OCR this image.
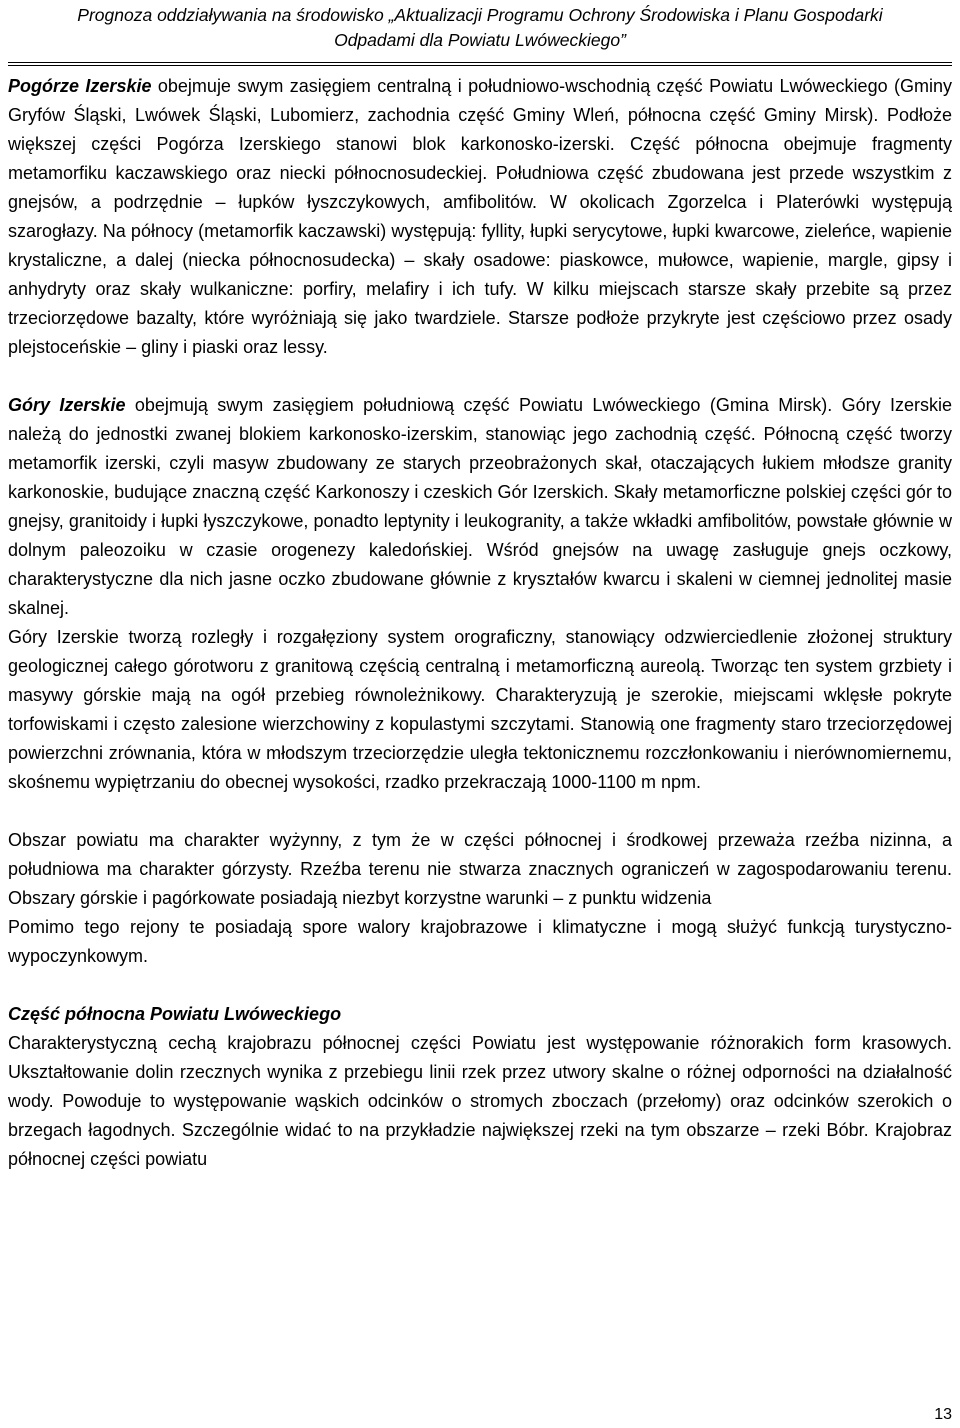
Prognoza oddziaływania na środowisko „Aktualizacji Programu Ochrony Środowiska i Planu Gospodarki
Odpadami dla Powiatu Lwóweckiego”

Pogórze Izerskie obejmuje swym zasięgiem centralną i południowo-wschodnią część Powiatu Lwóweckiego (Gminy Gryfów Śląski, Lwówek Śląski, Lubomierz, zachodnia część Gminy Wleń, północna część Gminy Mirsk). Podłoże większej części Pogórza Izerskiego stanowi blok karkonosko-izerski. Część północna obejmuje fragmenty metamorfiku kaczawskiego oraz niecki północnosudeckiej. Południowa część zbudowana jest przede wszystkim z gnejsów, a podrzędnie – łupków łyszczykowych, amfibolitów. W okolicach Zgorzelca i Platerówki występują szarogłazy. Na północy (metamorfik kaczawski) występują: fyllity, łupki serycytowe, łupki kwarcowe, zieleńce, wapienie krystaliczne, a dalej (niecka północnosudecka) – skały osadowe: piaskowce, mułowce, wapienie, margle, gipsy i anhydryty oraz skały wulkaniczne: porfiry, melafiry i ich tufy. W kilku miejscach starsze skały przebite są przez trzeciorzędowe bazalty, które wyróżniają się jako twardziele. Starsze podłoże przykryte jest częściowo przez osady plejstoceńskie – gliny i piaski oraz lessy.

Góry Izerskie obejmują swym zasięgiem południową część Powiatu Lwóweckiego (Gmina Mirsk). Góry Izerskie należą do jednostki zwanej blokiem karkonosko-izerskim, stanowiąc jego zachodnią część. Północną część tworzy metamorfik izerski, czyli masyw zbudowany ze starych przeobrażonych skał, otaczających łukiem młodsze granity karkonoskie, budujące znaczną część Karkonoszy i czeskich Gór Izerskich. Skały metamorficzne polskiej części gór to gnejsy, granitoidy i łupki łyszczykowe, ponadto leptynity i leukogranity, a także wkładki amfibolitów, powstałe głównie w dolnym paleozoiku w czasie orogenezy kaledońskiej. Wśród gnejsów na uwagę zasługuje gnejs oczkowy, charakterystyczne dla nich jasne oczko zbudowane głównie z kryształów kwarcu i skaleni w ciemnej jednolitej masie skalnej.

Góry Izerskie tworzą rozległy i rozgałęziony system orograficzny, stanowiący odzwierciedlenie złożonej struktury geologicznej całego górotworu z granitową częścią centralną i metamorficzną aureolą. Tworząc ten system grzbiety i masywy górskie mają na ogół przebieg równoleżnikowy. Charakteryzują je szerokie, miejscami wklęsłe pokryte torfowiskami i często zalesione wierzchowiny z kopulastymi szczytami. Stanowią one fragmenty staro trzeciorzędowej powierzchni zrównania, która w młodszym trzeciorzędzie uległa tektonicznemu rozczłonkowaniu i nierównomiernemu, skośnemu wypiętrzaniu do obecnej wysokości, rzadko przekraczają 1000-1100 m npm.

Obszar powiatu ma charakter wyżynny, z tym że w części północnej i środkowej przeważa rzeźba nizinna, a południowa ma charakter górzysty. Rzeźba terenu nie stwarza znacznych ograniczeń w zagospodarowaniu terenu. Obszary górskie i pagórkowate posiadają niezbyt korzystne warunki – z punktu widzenia

Pomimo tego rejony te posiadają spore walory krajobrazowe i klimatyczne i mogą służyć funkcją turystyczno-wypoczynkowym.

Część północna Powiatu Lwóweckiego

Charakterystyczną cechą krajobrazu północnej części Powiatu jest występowanie różnorakich form krasowych. Ukształtowanie dolin rzecznych wynika z przebiegu linii rzek przez utwory skalne o różnej odporności na działalność wody. Powoduje to występowanie wąskich odcinków o stromych zboczach (przełomy) oraz odcinków szerokich o brzegach łagodnych. Szczególnie widać to na przykładzie największej rzeki na tym obszarze – rzeki Bóbr. Krajobraz północnej części powiatu

13
